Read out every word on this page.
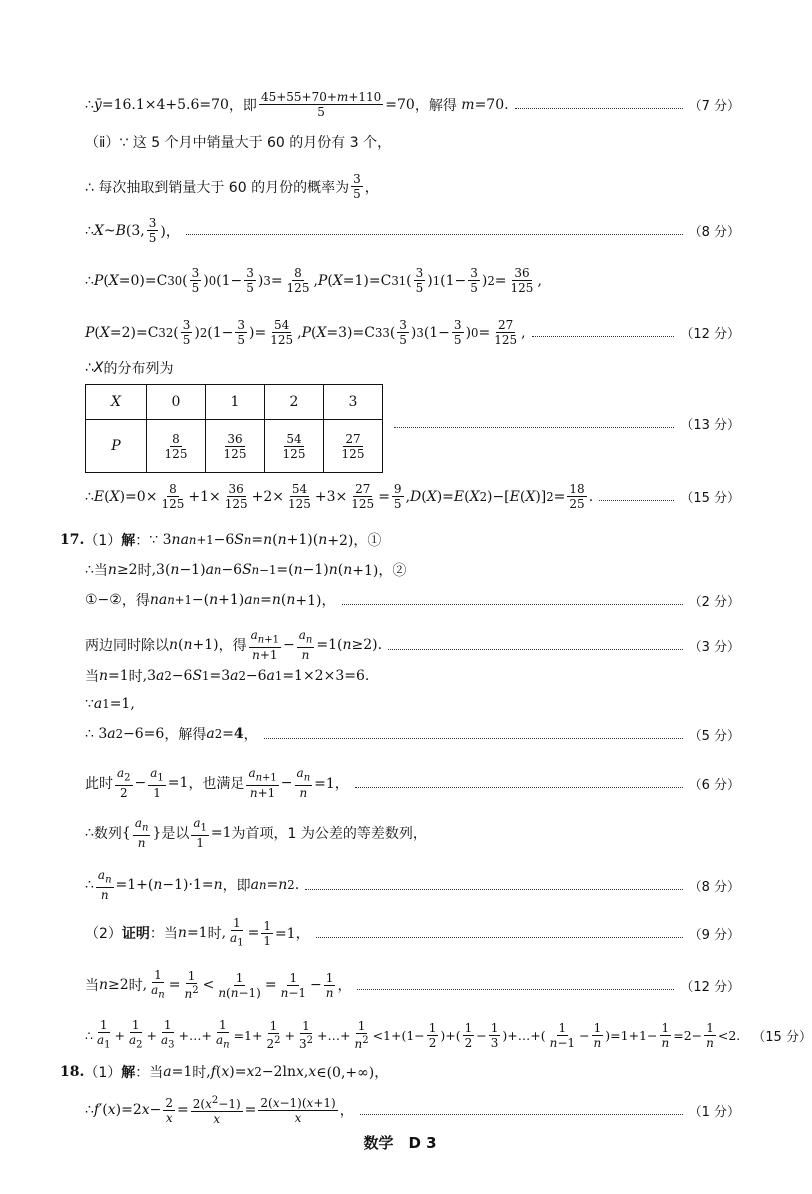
∴ ȳ =16.1×4+5.6=70 ，即 $\frac{45+55+70+m+110}{5} =70$ ，解得
m =70.	（7 分）
（ⅱ）∵ 这 5 个月中销量大于 60 的月份有 3 个，
∴ 每次抽取到销量大于 60 的月份的概率为 $\frac{3}{5}$ ，
∴ X ~ B (3, $\frac{3}{5}$ )，	（8 分）
∴ P ( X =0)=C 3 0 ( $\frac{3}{5}$ ) 0 ($1- \frac{3}{5}$ ) $3 = \frac{8}{125}$ , P ( X =1)=C 3 1 ( $\frac{3}{5}$ ) 1 ($1- \frac{3}{5}$ ) $2 = \frac{36}{125}$ ,
P ( X =2)=C 3 2 ( $\frac{3}{5}$ ) 2 ($1- \frac{3}{5}$ )= $\frac{54}{125}$ , P ( X =3)=C 3 3 ( $\frac{3}{5}$ ) 3 ($1- \frac{3}{5}$ ) $0 = \frac{27}{125}$ ,	（12 分）
∴ X 的分布列为
X	0	1	2	3
P	$\frac{8}{125}$	$\frac{36}{125}$	$\frac{54}{125}$	$\frac{27}{125}$
（13 分）
∴ E ( X )$=0\times \frac{8}{125} +1\times \frac{36}{125} +2\times \frac{54}{125} +3\times \frac{27}{125} = \frac{9}{5}$ , D ( X )= E ( X 2 )−[ E ( X )] $2 = \frac{18}{25}$ .	（15 分）
17. （1）解： ∵ 3 na n+1 −6 S n = n ( n +1)( n +2)，①
∴ 当 n ≥2 时 ,3( n −1) a n −6 S n−1 =( n −1) n ( n +1)，②
①−② ，得 na n+1 −( n +1) a n = n ( n +1)，	（2 分）
两边同时除以 n ( n +1) ，得 $\frac{a_{n+1}}{n+1} - \frac{a_n}{n} =1$( n ≥2).	（3 分）
当 n =1 时 ,3 a 2 −6 S 1 =3 a 2 −6 a 1 =1×2×3=6.
∵ a 1 =1,
∴ 3 a 2 −6=6 ，解得 a 2 = 4 ，	（5 分）
此时 $\frac{a_2}{2} - \frac{a_1}{1} =1$ ，也满足 $\frac{a_{n+1}}{n+1} - \frac{a_n}{n} =1$，	（6 分）
∴ 数列 { $\frac{a_n}{n}$ } 是以 $\frac{a_1}{1} =1$ 为首项，1 为公差的等差数列，
∴ $\frac{a_n}{n} =1+$( n −1)·1= n ，即 a n = n 2 .	（8 分）
（2）证明：当 n =1 时 , $\frac{1}{a_1} = \frac{1}{1} =1$，	（9 分）
当 n ≥2 时 , $\frac{1}{a_n} = \frac{1}{n^2} < \frac{1}{n(n-1)} = \frac{1}{n-1} - \frac{1}{n}$ ，	（12 分）
∴ $\frac{1}{a_1} + \frac{1}{a_2} + \frac{1}{a_3}$ +…+ $\frac{1}{a_n} =1+ \frac{1}{2^2} + \frac{1}{3^2}$ +…+ $\frac{1}{n^2} <1+(1- \frac{1}{2}$ )+( $\frac{1}{2} - \frac{1}{3}$ )+…+( $\frac{1}{n-1} - \frac{1}{n} )=1+1- \frac{1}{n} =2- \frac{1}{n} <2$. （15 分）
18. （1）解：当 a =1 时 , f ( x )= x 2 −2ln x , x ∈(0,+∞)，
∴ f ′( x )=2 $x - \frac{2}{x} = \frac{2(x^2-1)}{x} = \frac{2(x-1)(x+1)}{x}$ ，	（1 分）
数学　D 3
